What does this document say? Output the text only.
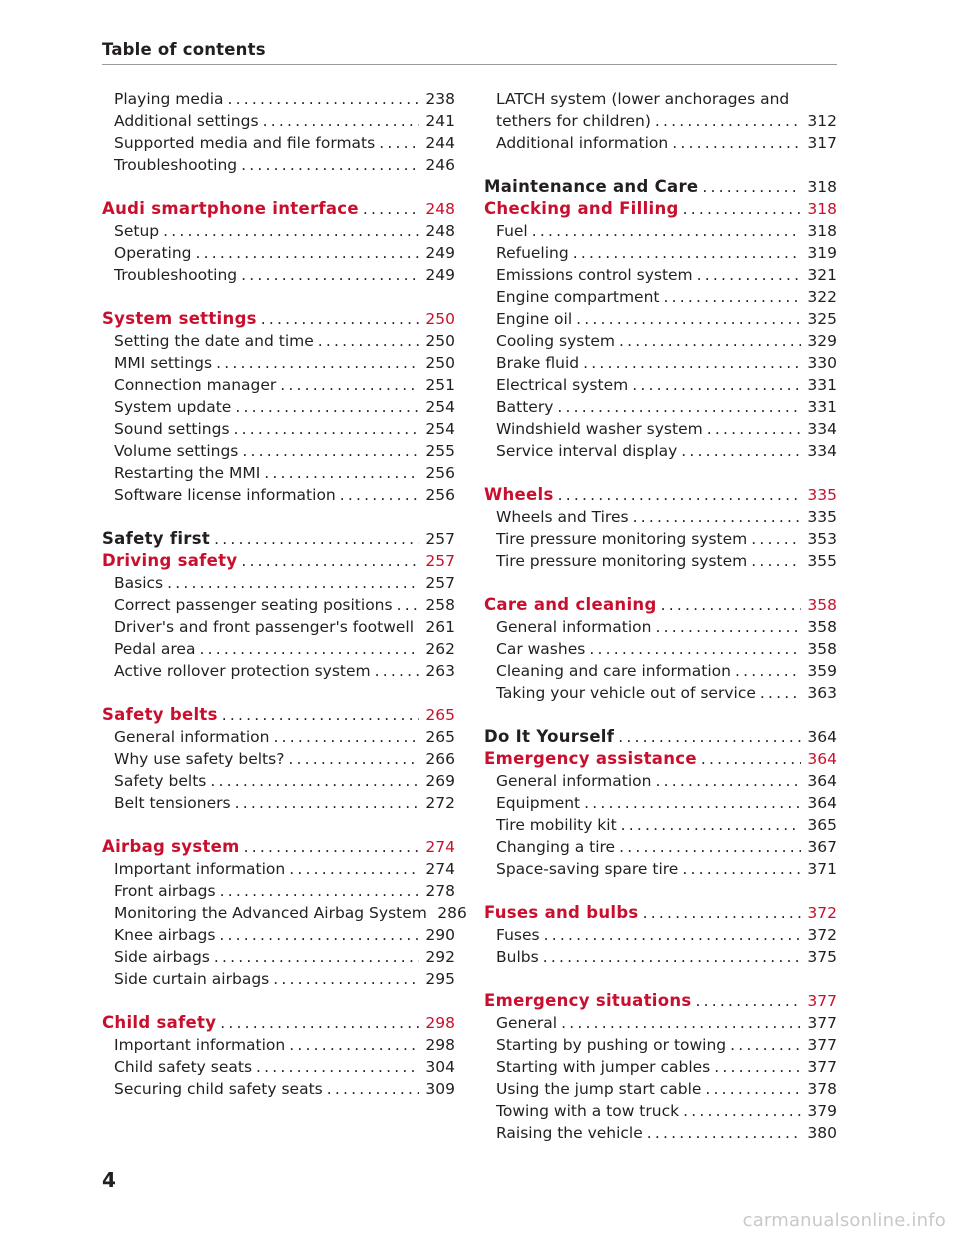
Table of contents
Playing media .....	238
Additional settings .....	241
Supported media and file formats .....	244
Troubleshooting .....	246
Audi smartphone interface .....	248
Setup .....	248
Operating .....	249
Troubleshooting .....	249
System settings .....	250
Setting the date and time .....	250
MMI settings .....	250
Connection manager .....	251
System update .....	254
Sound settings .....	254
Volume settings .....	255
Restarting the MMI .....	256
Software license information .....	256
Safety first .....	257
Driving safety .....	257
Basics .....	257
Correct passenger seating positions ..... 258
Driver's and front passenger's footwell ..... 261
Pedal area .....	262
Active rollover protection system .....	263
Safety belts .....	265
General information .....	265
Why use safety belts? .....	266
Safety belts .....	269
Belt tensioners .....	272
Airbag system .....	274
Important information .....	274
Front airbags .....	278
Monitoring the Advanced Airbag System 286
Knee airbags .....	290
Side airbags .....	292
Side curtain airbags .....	295
Child safety .....	298
Important information .....	298
Child safety seats .....	304
Securing child safety seats .....	309
LATCH system (lower anchorages and
tethers for children) .....	312
Additional information .....	317
Maintenance and Care .....	318
Checking and Filling .....	318
Fuel .....	318
Refueling .....	319
Emissions control system .....	321
Engine compartment .....	322
Engine oil .....	325
Cooling system .....	329
Brake fluid .....	330
Electrical system .....	331
Battery .....	331
Windshield washer system .....	334
Service interval display .....	334
Wheels .....	335
Wheels and Tires .....	335
Tire pressure monitoring system .....	353
Tire pressure monitoring system .....	355
Care and cleaning .....	358
General information .....	358
Car washes .....	358
Cleaning and care information .....	359
Taking your vehicle out of service .....	363
Do It Yourself .....	364
Emergency assistance .....	364
General information .....	364
Equipment .....	364
Tire mobility kit .....	365
Changing a tire .....	367
Space-saving spare tire .....	371
Fuses and bulbs .....	372
Fuses .....	372
Bulbs .....	375
Emergency situations .....	377
General .....	377
Starting by pushing or towing .....	377
Starting with jumper cables .....	377
Using the jump start cable .....	378
Towing with a tow truck .....	379
Raising the vehicle .....	380
4
carmanualsonline.info
